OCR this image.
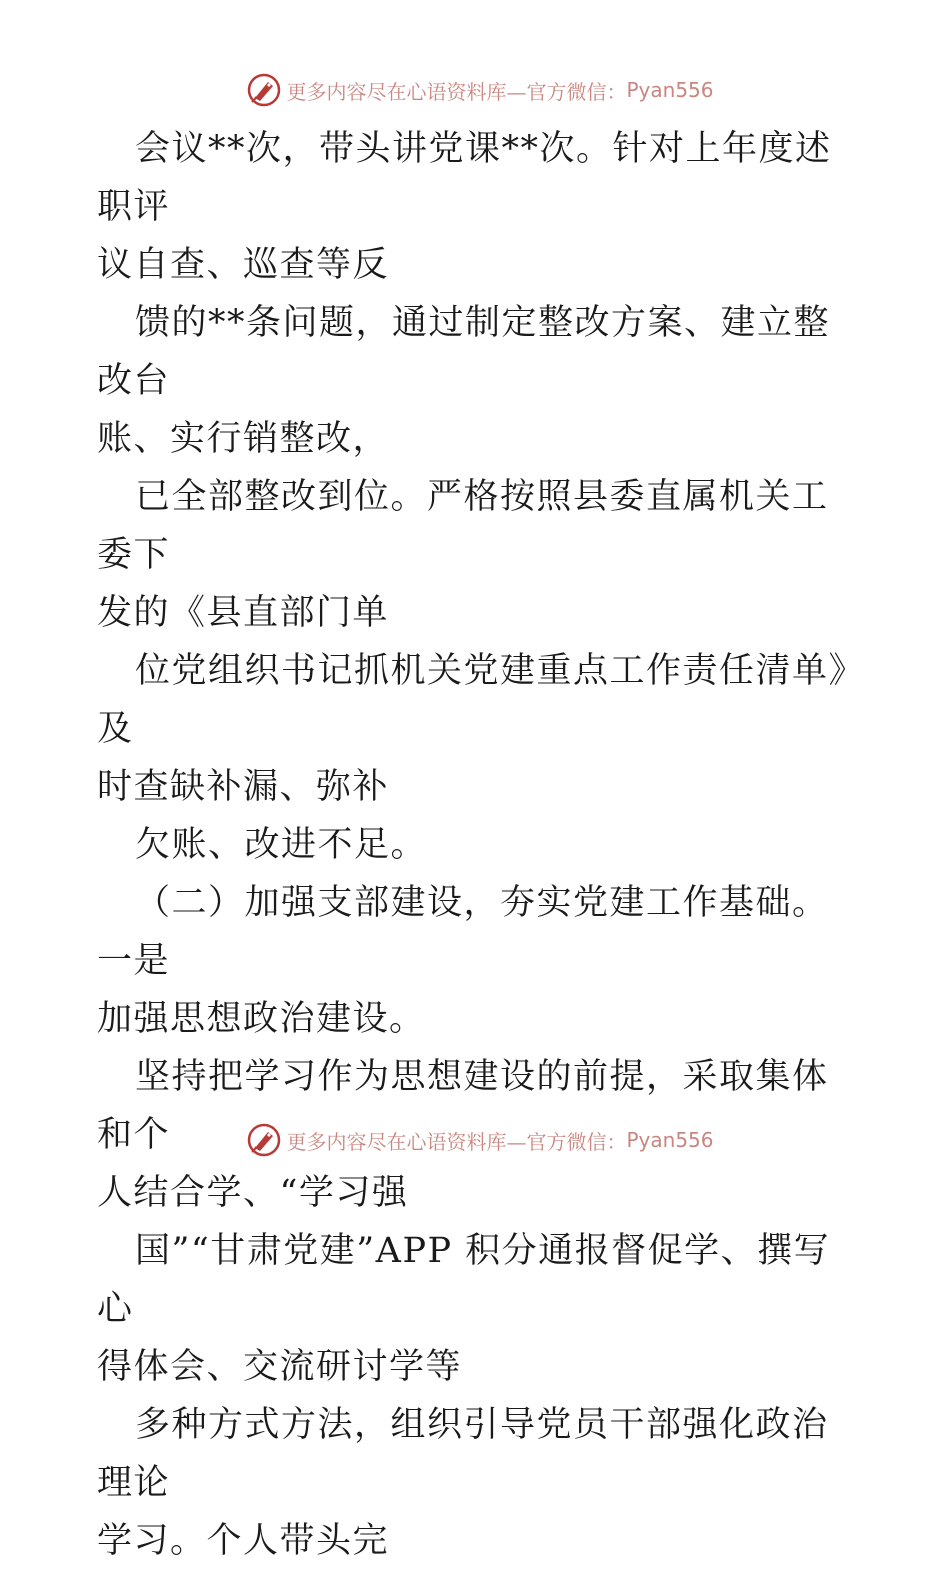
更多内容尽在心语资料库—官方微信： Pyan556

会议**次，带头讲党课**次。针对上年度述职评
议自查、巡查等反

馈的**条问题，通过制定整改方案、建立整改台
账、实行销整改，

已全部整改到位。严格按照县委直属机关工委下
发的《县直部门单

位党组织书记抓机关党建重点工作责任清单》及
时查缺补漏、弥补

欠账、改进不足。

（二）加强支部建设，夯实党建工作基础。一是
加强思想政治建设。

坚持把学习作为思想建设的前提，采取集体和个
人结合学、“学习强

国”“甘肃党建”APP 积分通报督促学、撰写心
得体会、交流研讨学等

多种方式方法，组织引导党员干部强化政治理论
学习。个人带头完

更多内容尽在心语资料库—官方微信： Pyan556
